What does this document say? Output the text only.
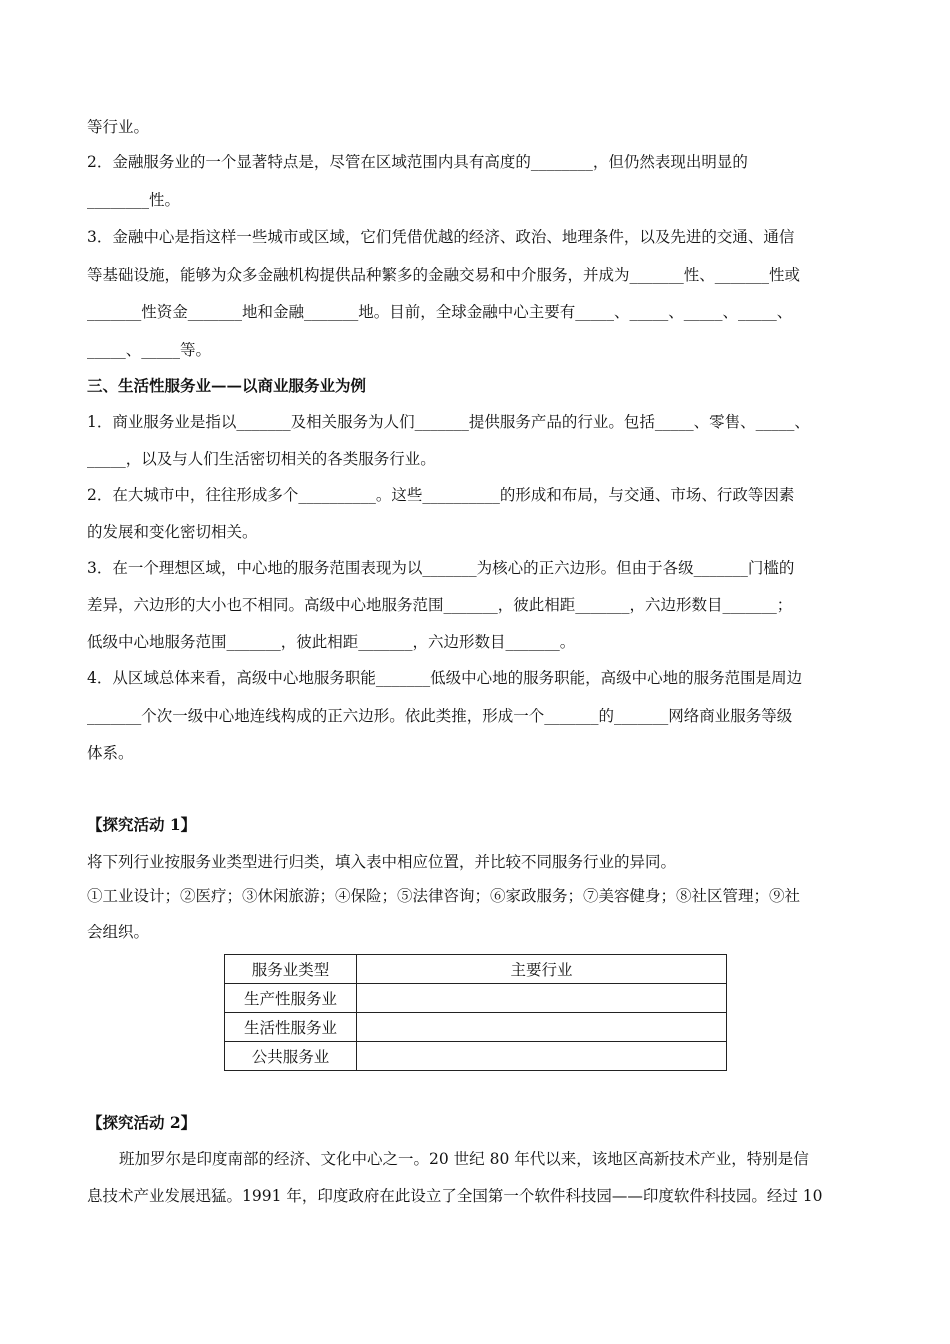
等行业。
2．金融服务业的一个显著特点是，尽管在区域范围内具有高度的________，但仍然表现出明显的
________性。
3．金融中心是指这样一些城市或区域，它们凭借优越的经济、政治、地理条件，以及先进的交通、通信
等基础设施，能够为众多金融机构提供品种繁多的金融交易和中介服务，并成为_______性、_______性或
_______性资金_______地和金融_______地。目前，全球金融中心主要有_____、_____、_____、_____、
_____、_____等。
三、生活性服务业——以商业服务业为例
1．商业服务业是指以_______及相关服务为人们_______提供服务产品的行业。包括_____、零售、_____、
_____，以及与人们生活密切相关的各类服务行业。
2．在大城市中，往往形成多个__________。这些__________的形成和布局，与交通、市场、行政等因素
的发展和变化密切相关。
3．在一个理想区域，中心地的服务范围表现为以_______为核心的正六边形。但由于各级_______门槛的
差异，六边形的大小也不相同。高级中心地服务范围_______，彼此相距_______，六边形数目_______；
低级中心地服务范围_______，彼此相距_______，六边形数目_______。
4．从区域总体来看，高级中心地服务职能_______低级中心地的服务职能，高级中心地的服务范围是周边
_______个次一级中心地连线构成的正六边形。依此类推，形成一个_______的_______网络商业服务等级
体系。
【探究活动 1】
将下列行业按服务业类型进行归类，填入表中相应位置，并比较不同服务行业的异同。
①工业设计；②医疗；③休闲旅游；④保险；⑤法律咨询；⑥家政服务；⑦美容健身；⑧社区管理；⑨社
会组织。
服务业类型	主要行业
生产性服务业	
生活性服务业	
公共服务业	
【探究活动 2】
班加罗尔是印度南部的经济、文化中心之一。20 世纪 80 年代以来，该地区高新技术产业，特别是信
息技术产业发展迅猛。1991 年，印度政府在此设立了全国第一个软件科技园——印度软件科技园。经过 10
